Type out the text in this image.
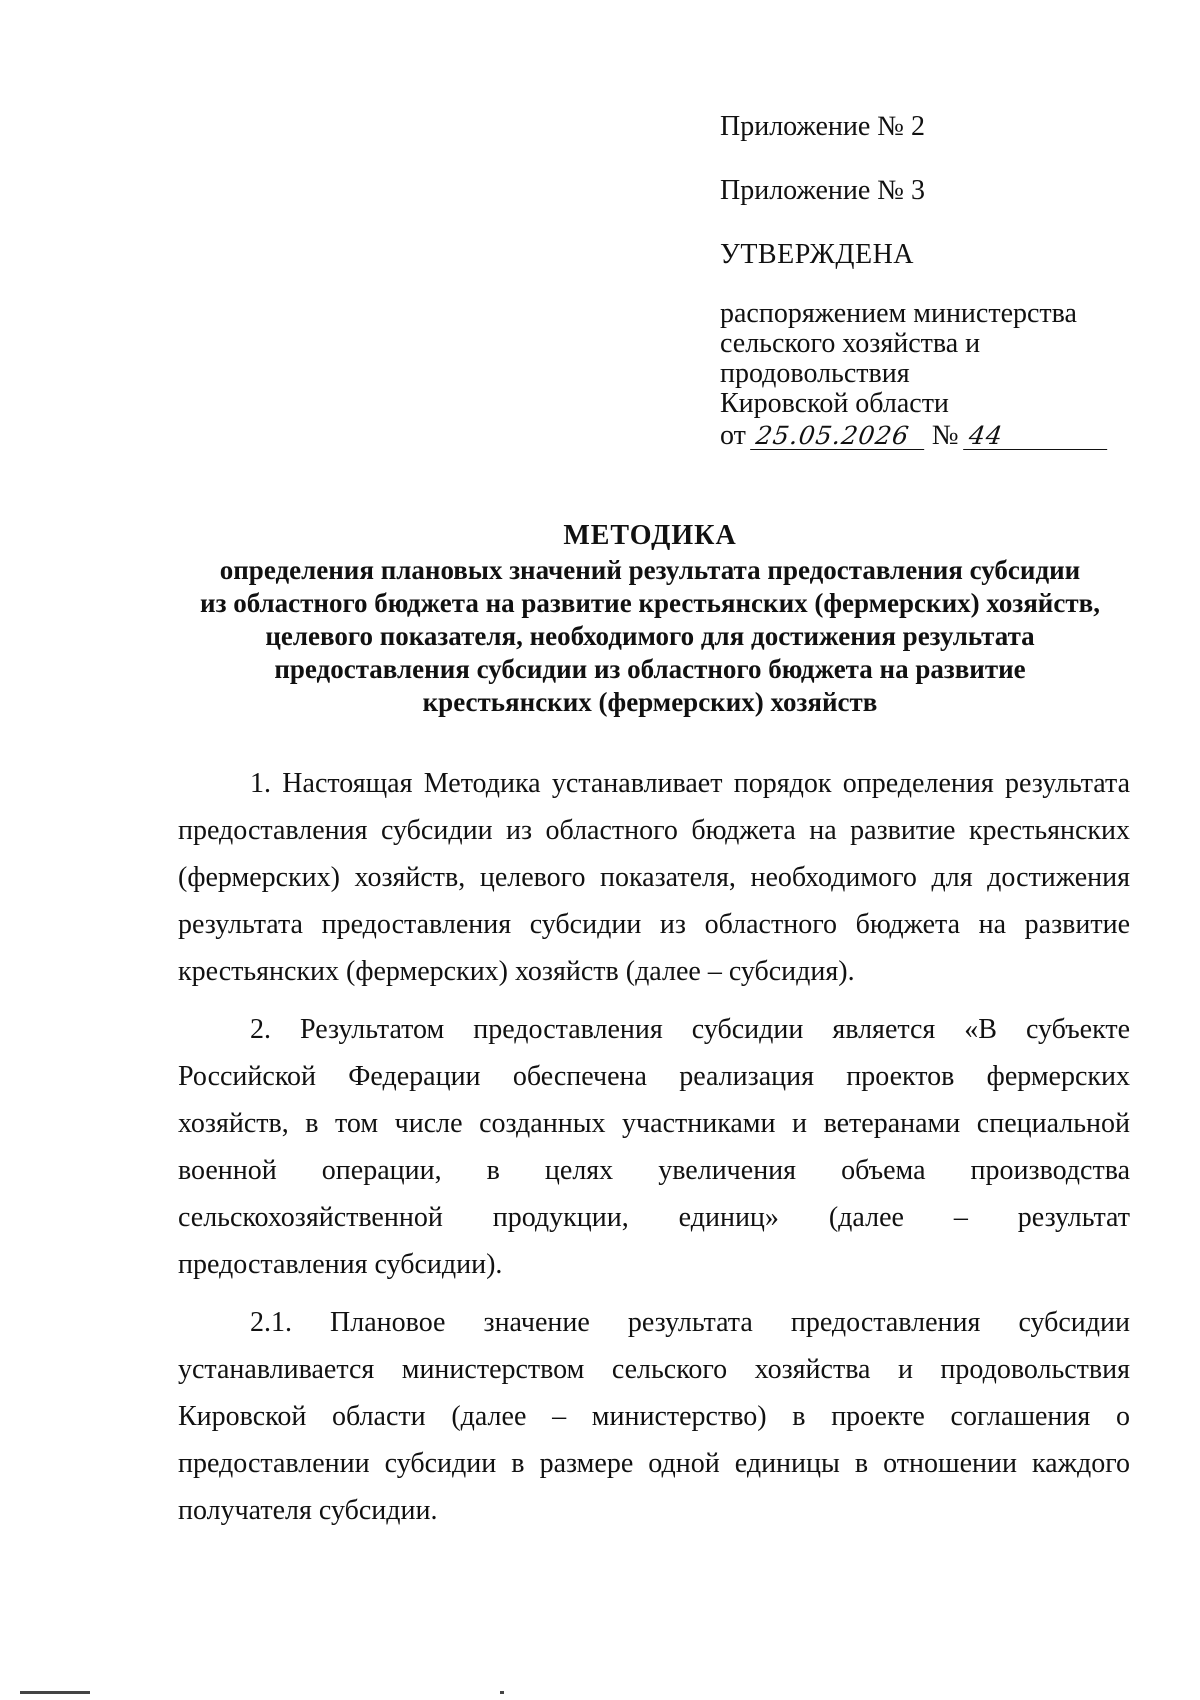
Приложение № 2
Приложение № 3
УТВЕРЖДЕНА
распоряжением министерства
сельского хозяйства и
продовольствия
Кировской области
от 25.05.2026 № 44
МЕТОДИКА
определения плановых значений результата предоставления субсидии
из областного бюджета на развитие крестьянских (фермерских) хозяйств,
целевого показателя, необходимого для достижения результата
предоставления субсидии из областного бюджета на развитие
крестьянских (фермерских) хозяйств
1. Настоящая Методика устанавливает порядок определения результата
предоставления субсидии из областного бюджета на развитие крестьянских
(фермерских) хозяйств, целевого показателя, необходимого для достижения
результата предоставления субсидии из областного бюджета на развитие
крестьянских (фермерских) хозяйств (далее – субсидия).
2. Результатом предоставления субсидии является «В субъекте
Российской Федерации обеспечена реализация проектов фермерских
хозяйств, в том числе созданных участниками и ветеранами специальной
военной операции, в целях увеличения объема производства
сельскохозяйственной продукции, единиц» (далее – результат
предоставления субсидии).
2.1. Плановое значение результата предоставления субсидии
устанавливается министерством сельского хозяйства и продовольствия
Кировской области (далее – министерство) в проекте соглашения о
предоставлении субсидии в размере одной единицы в отношении каждого
получателя субсидии.
